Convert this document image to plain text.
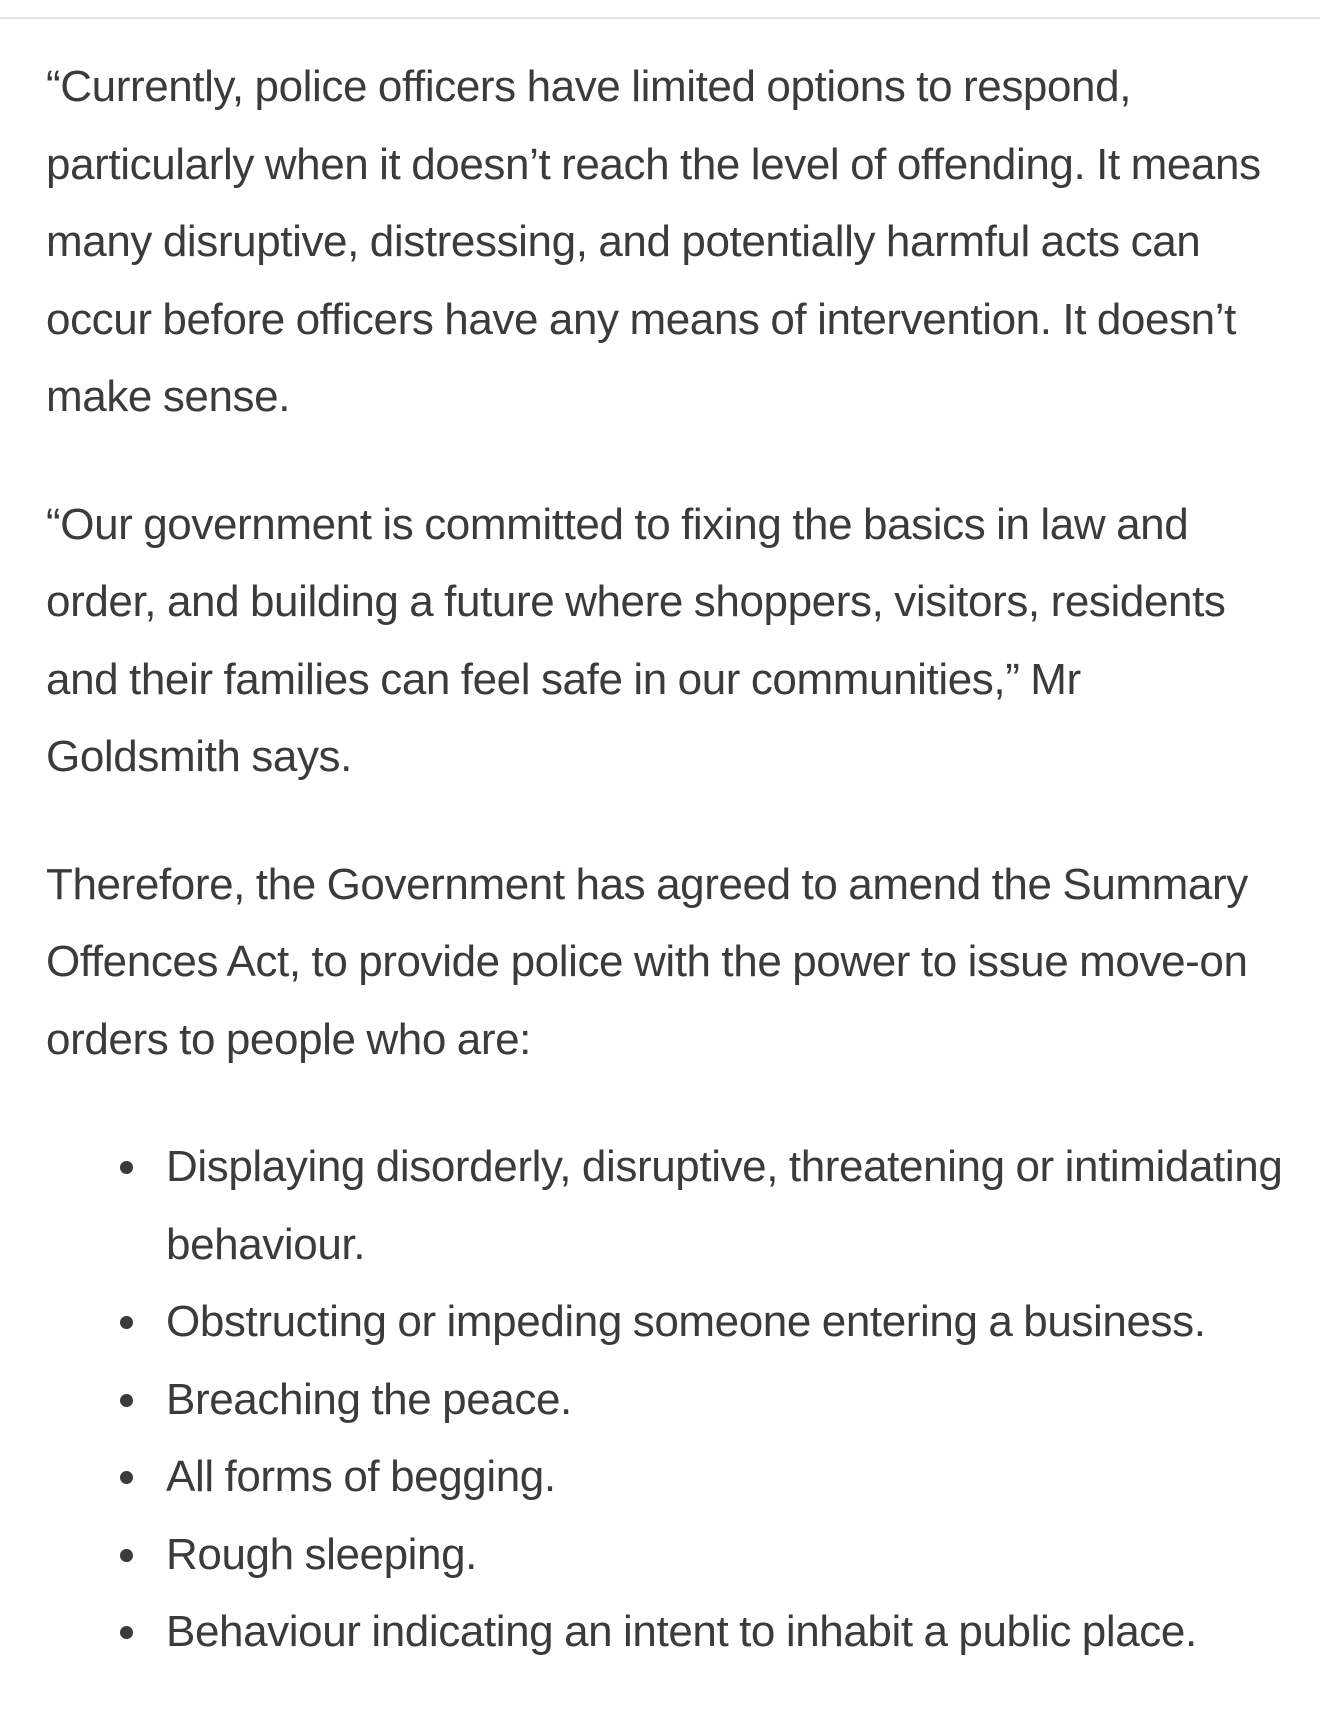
“Currently, police officers have limited options to respond, particularly when it doesn’t reach the level of offending. It means many disruptive, distressing, and potentially harmful acts can occur before officers have any means of intervention. It doesn’t make sense.

“Our government is committed to fixing the basics in law and order, and building a future where shoppers, visitors, residents and their families can feel safe in our communities,” Mr Goldsmith says.

Therefore, the Government has agreed to amend the Summary Offences Act, to provide police with the power to issue move-on orders to people who are:

Displaying disorderly, disruptive, threatening or intimidating behaviour.
Obstructing or impeding someone entering a business.
Breaching the peace.
All forms of begging.
Rough sleeping.
Behaviour indicating an intent to inhabit a public place.
